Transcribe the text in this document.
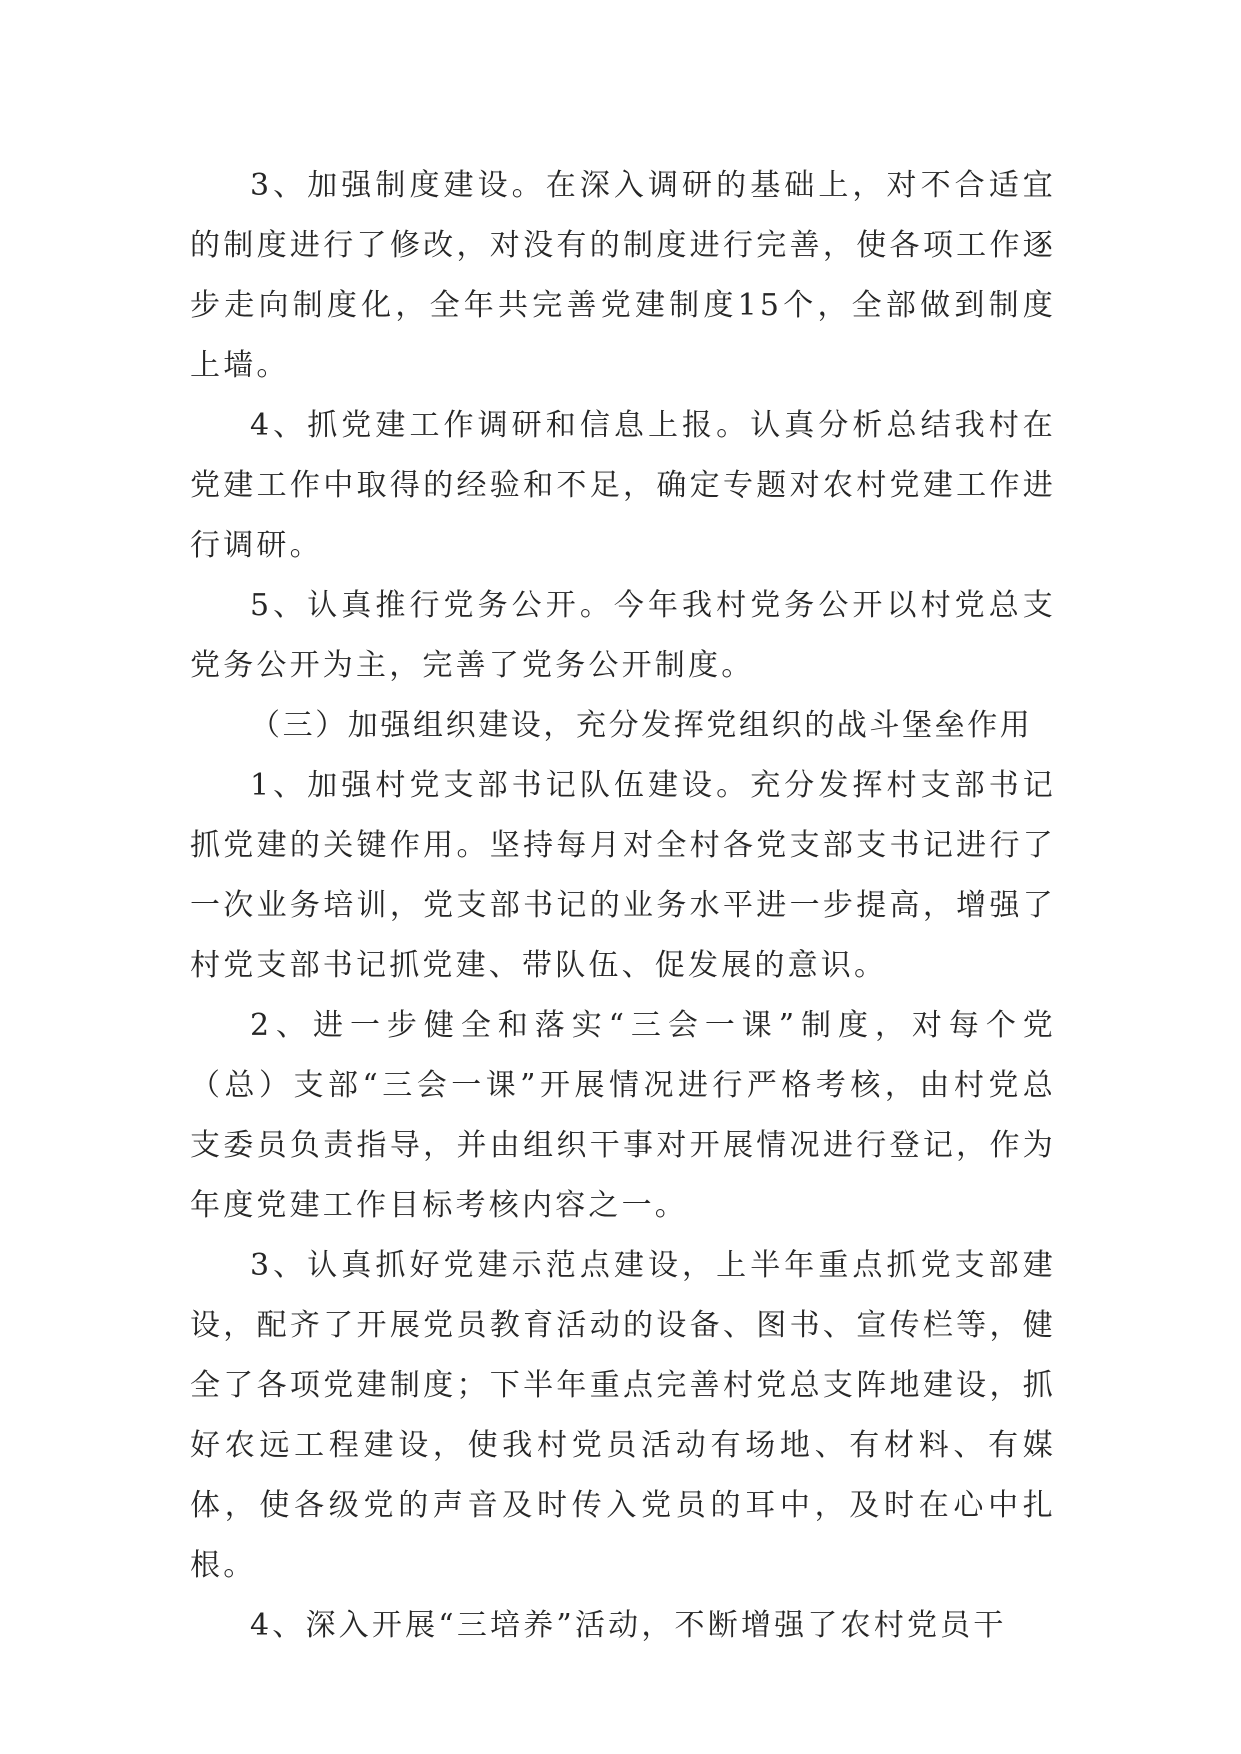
3、加强制度建设。在深入调研的基础上，对不合适宜的制度进行了修改，对没有的制度进行完善，使各项工作逐步走向制度化，全年共完善党建制度15个，全部做到制度上墙。

4、抓党建工作调研和信息上报。认真分析总结我村在党建工作中取得的经验和不足，确定专题对农村党建工作进行调研。

5、认真推行党务公开。今年我村党务公开以村党总支党务公开为主，完善了党务公开制度。

（三）加强组织建设，充分发挥党组织的战斗堡垒作用

1、加强村党支部书记队伍建设。充分发挥村支部书记抓党建的关键作用。坚持每月对全村各党支部支书记进行了一次业务培训，党支部书记的业务水平进一步提高，增强了村党支部书记抓党建、带队伍、促发展的意识。

2、进一步健全和落实“三会一课”制度，对每个党（总）支部“三会一课”开展情况进行严格考核，由村党总支委员负责指导，并由组织干事对开展情况进行登记，作为年度党建工作目标考核内容之一。

3、认真抓好党建示范点建设，上半年重点抓党支部建设，配齐了开展党员教育活动的设备、图书、宣传栏等，健全了各项党建制度；下半年重点完善村党总支阵地建设，抓好农远工程建设，使我村党员活动有场地、有材料、有媒体，使各级党的声音及时传入党员的耳中，及时在心中扎根。

4、深入开展“三培养”活动，不断增强了农村党员干
